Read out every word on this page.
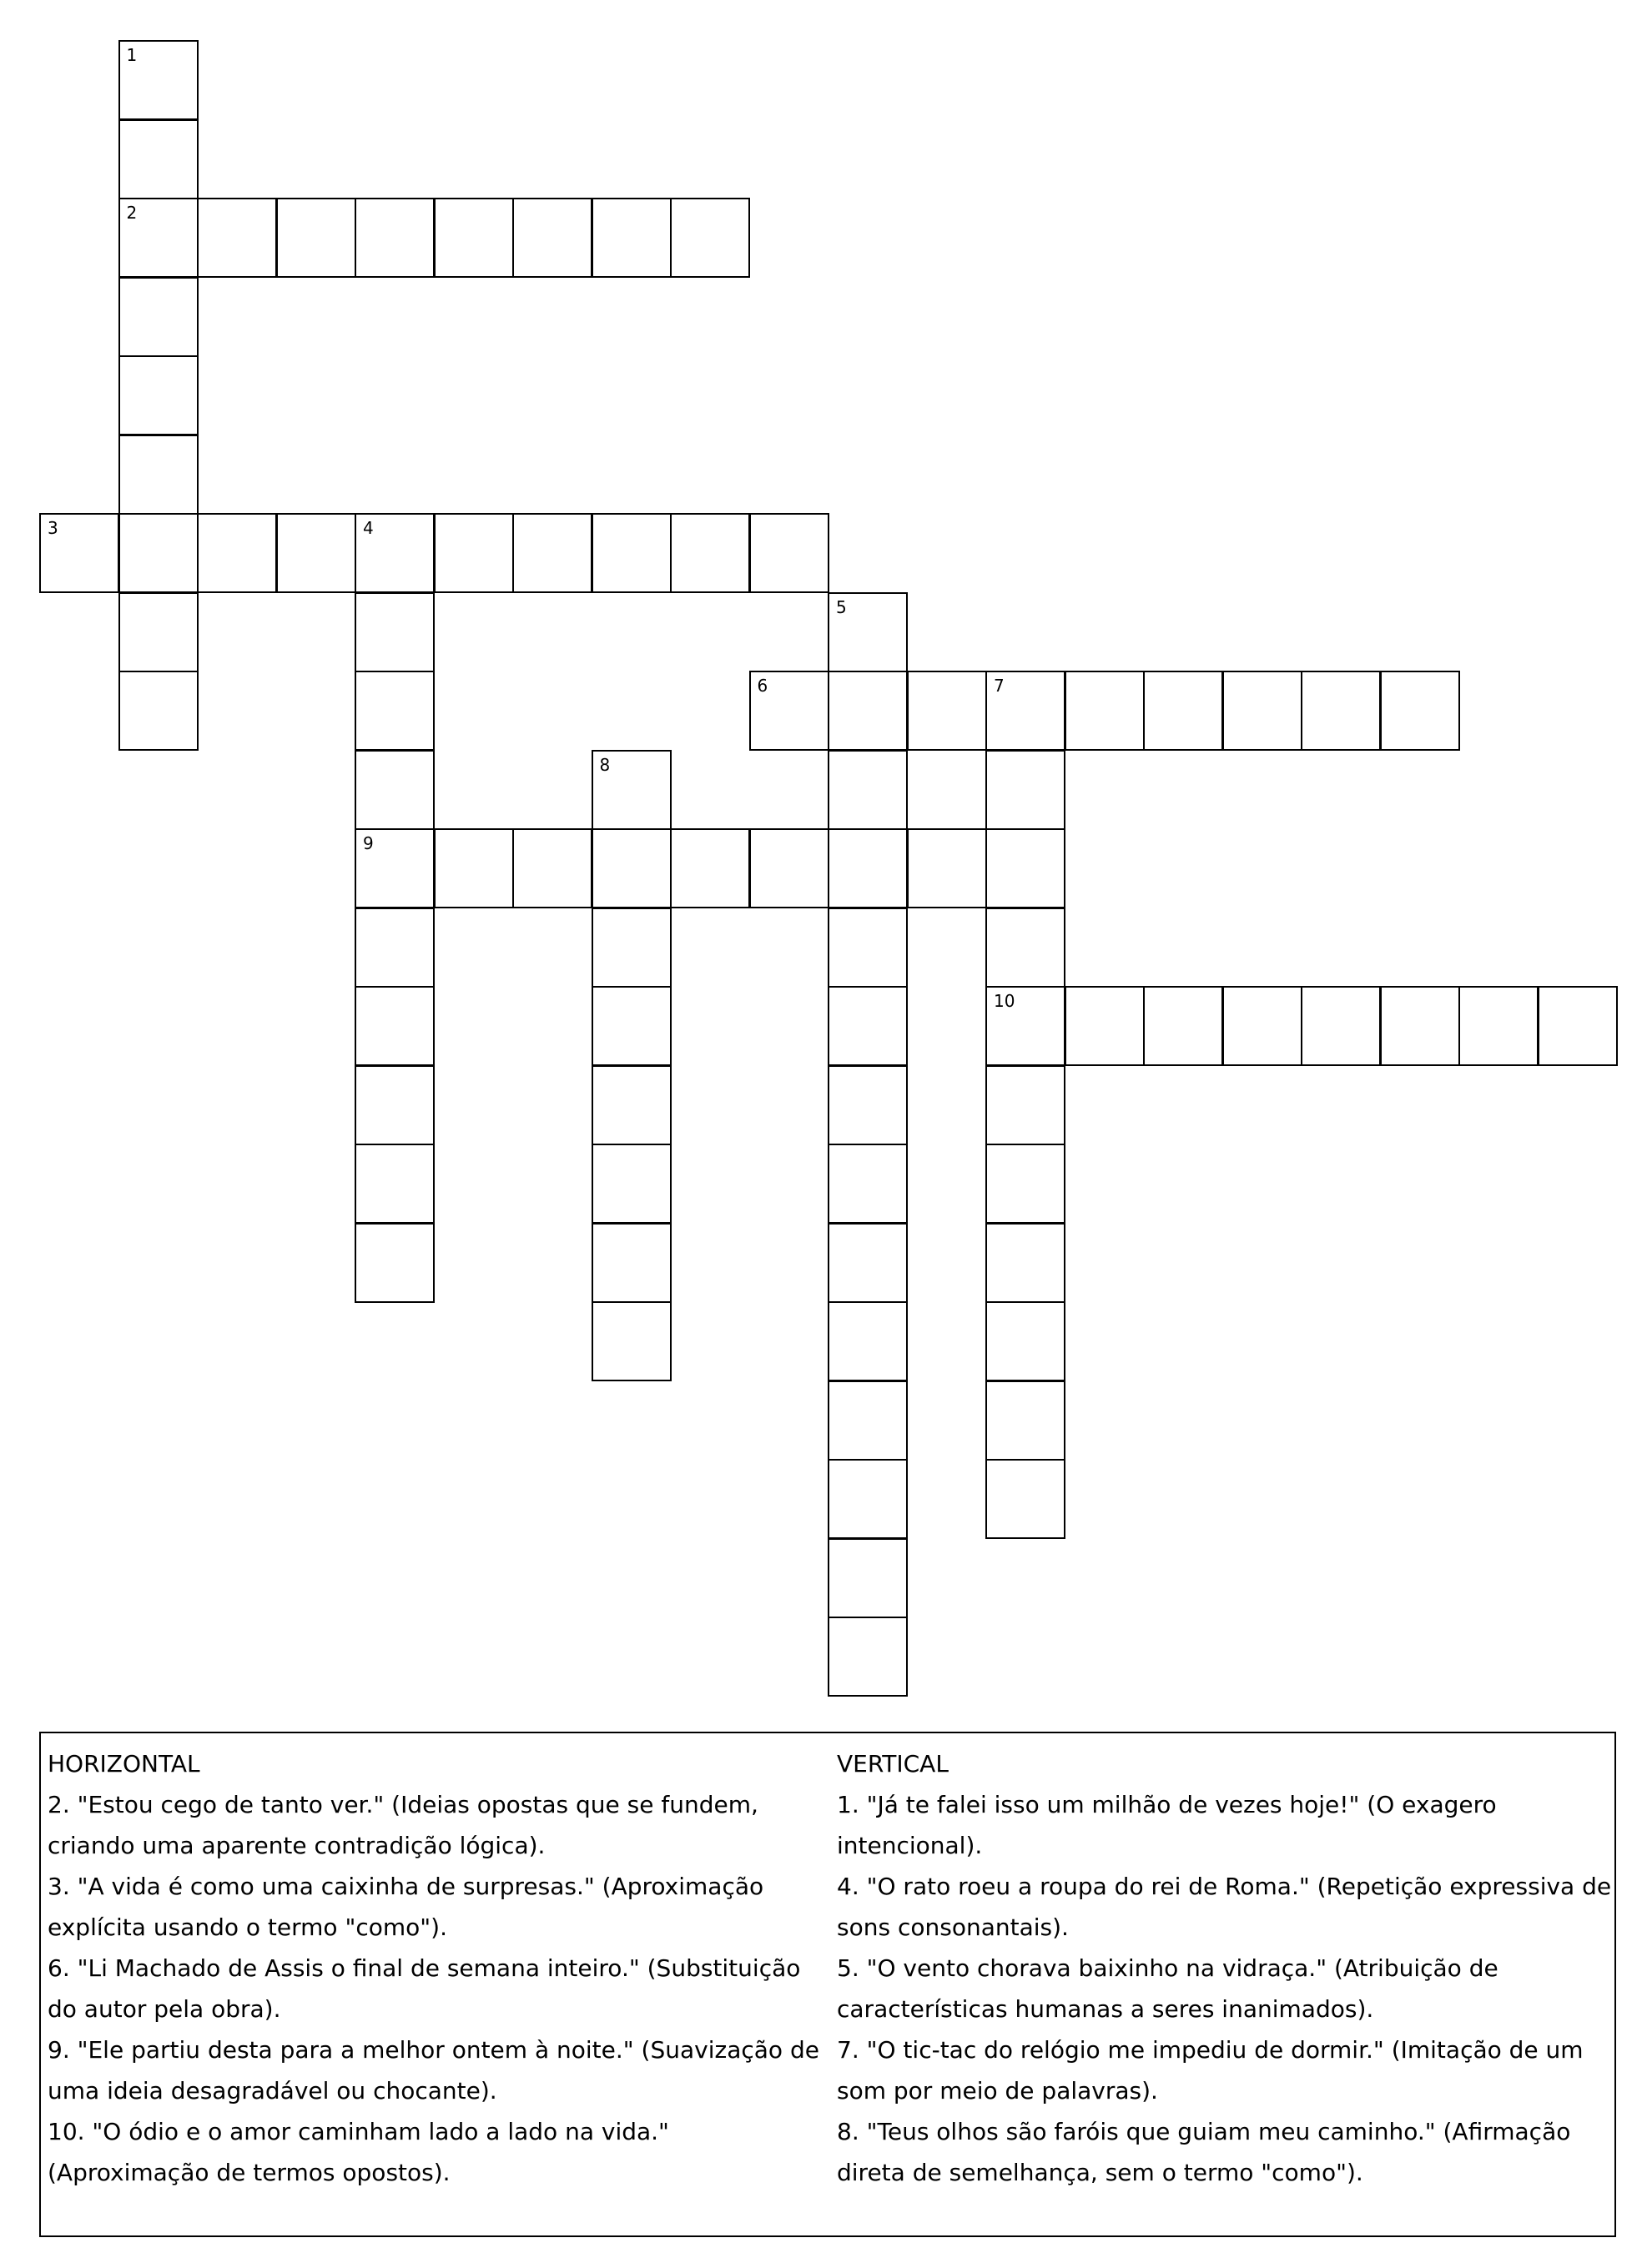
1
2
3	4
9
5
6	7
10
8
HORIZONTAL
2. "Estou cego de tanto ver." (Ideias opostas que se fundem, criando uma aparente contradição lógica).
3. "A vida é como uma caixinha de surpresas." (Aproximação explícita usando o termo "como").
6. "Li Machado de Assis o final de semana inteiro." (Substituição do autor pela obra).
9. "Ele partiu desta para a melhor ontem à noite." (Suavização de uma ideia desagradável ou chocante).
10. "O ódio e o amor caminham lado a lado na vida." (Aproximação de termos opostos).
VERTICAL
1. "Já te falei isso um milhão de vezes hoje!" (O exagero intencional).
4. "O rato roeu a roupa do rei de Roma." (Repetição expressiva de sons consonantais).
5. "O vento chorava baixinho na vidraça." (Atribuição de características humanas a seres inanimados).
7. "O tic-tac do relógio me impediu de dormir." (Imitação de um som por meio de palavras).
8. "Teus olhos são faróis que guiam meu caminho." (Afirmação direta de semelhança, sem o termo "como").
